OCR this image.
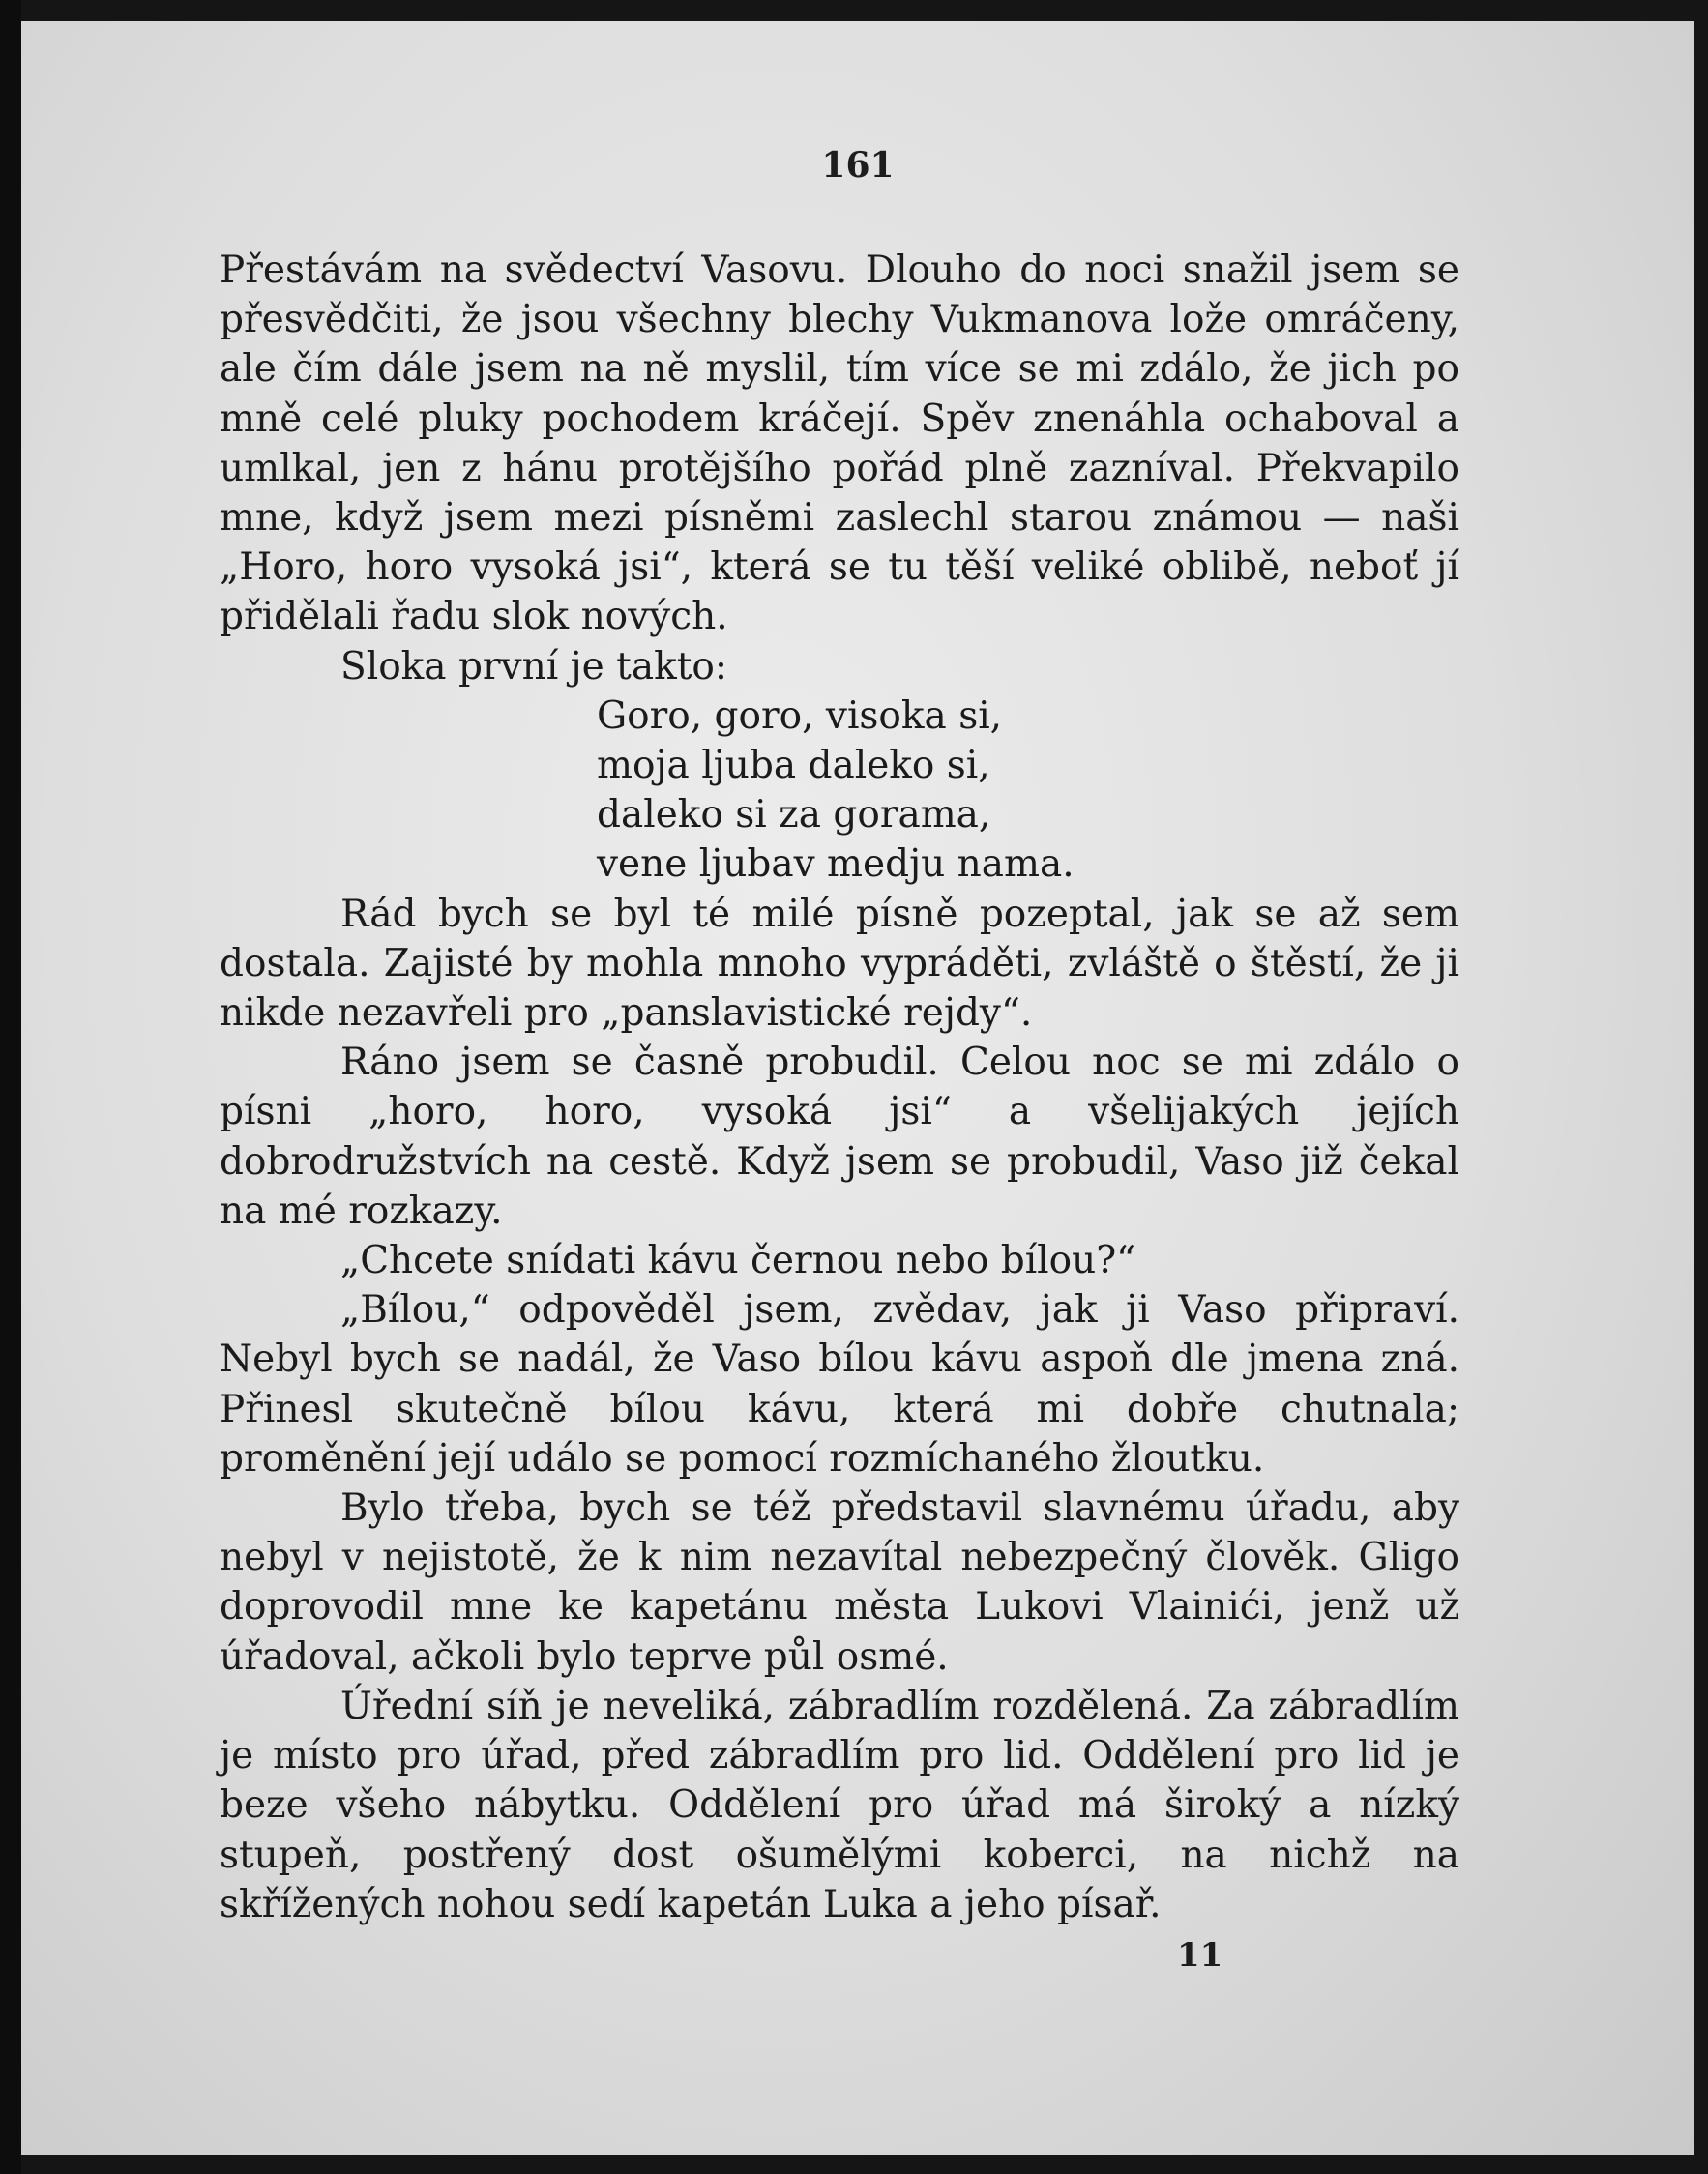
161

Přestávám na svědectví Vasovu. Dlouho do noci snažil jsem se přesvědčiti, že jsou všechny blechy Vukmanova lože omráčeny, ale čím dále jsem na ně myslil, tím více se mi zdálo, že jich po mně celé pluky pochodem kráčejí. Spěv znenáhla ochaboval a umlkal, jen z hánu protějšího pořád plně zazníval. Překvapilo mne, když jsem mezi písněmi zaslechl starou známou — naši „Horo, horo vysoká jsi“, která se tu těší veliké oblibě, neboť jí přidělali řadu slok nových.

Sloka první je takto:

Goro, goro, visoka si,
moja ljuba daleko si,
daleko si za gorama,
vene ljubav medju nama.

Rád bych se byl té milé písně pozeptal, jak se až sem dostala. Zajisté by mohla mnoho vypráděti, zvláště o štěstí, že ji nikde nezavřeli pro „panslavistické rejdy“.

Ráno jsem se časně probudil. Celou noc se mi zdálo o písni „horo, horo, vysoká jsi“ a všelijakých jejích dobrodružstvích na cestě. Když jsem se probudil, Vaso již čekal na mé rozkazy.

„Chcete snídati kávu černou nebo bílou?“

„Bílou,“ odpověděl jsem, zvědav, jak ji Vaso připraví. Nebyl bych se nadál, že Vaso bílou kávu aspoň dle jmena zná. Přinesl skutečně bílou kávu, která mi dobře chutnala; proměnění její událo se pomocí rozmíchaného žloutku.

Bylo třeba, bych se též představil slavnému úřadu, aby nebyl v nejistotě, že k nim nezavítal nebezpečný člověk. Gligo doprovodil mne ke kapetánu města Lukovi Vlainići, jenž už úřadoval, ačkoli bylo teprve půl osmé.

Úřední síň je neveliká, zábradlím rozdělená. Za zábradlím je místo pro úřad, před zábradlím pro lid. Oddělení pro lid je beze všeho nábytku. Oddělení pro úřad má široký a nízký stupeň, postřený dost ošumělými koberci, na nichž na skřížených nohou sedí kapetán Luka a jeho písař.

11
